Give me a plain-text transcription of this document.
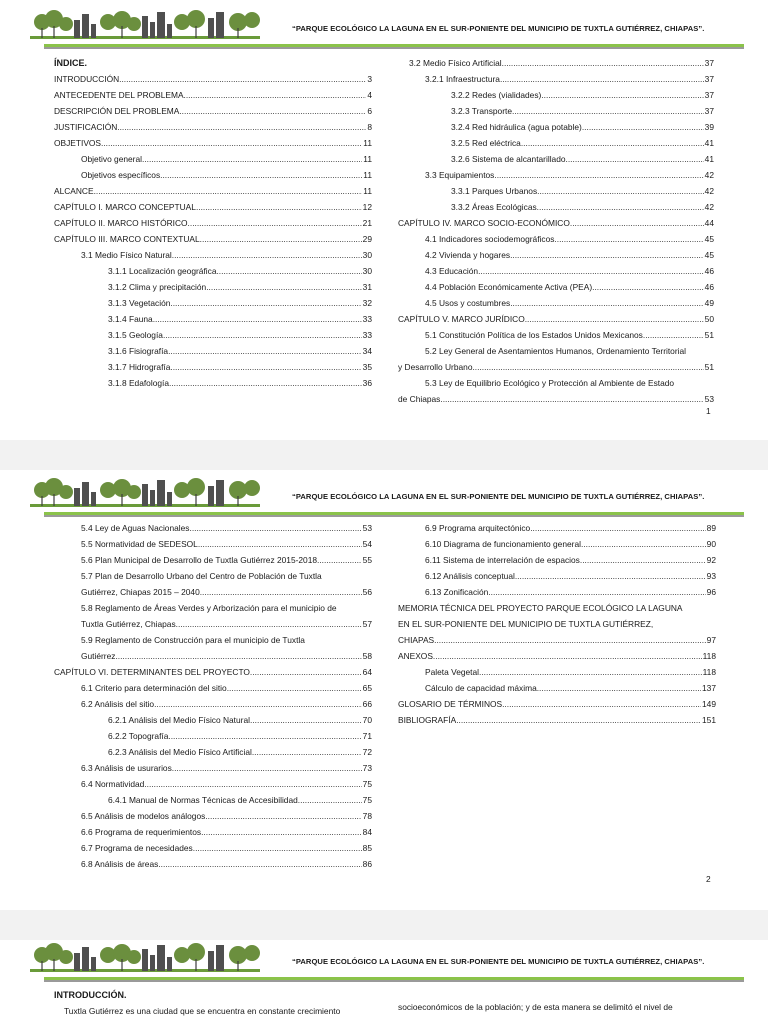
“PARQUE ECOLÓGICO LA LAGUNA EN EL SUR-PONIENTE DEL MUNICIPIO DE TUXTLA GUTIÉRREZ, CHIAPAS”.
ÍNDICE.
INTRODUCCIÓN .....	3
ANTECEDENTE DEL PROBLEMA .....	4
DESCRIPCIÓN DEL PROBLEMA .....	6
JUSTIFICACIÓN .....	8
OBJETIVOS .....	11
Objetivo general .....	11
Objetivos específicos .....	11
ALCANCE .....	11
CAPÍTULO I. MARCO CONCEPTUAL .....	12
CAPÍTULO II. MARCO HISTÓRICO .....	21
CAPÍTULO III. MARCO CONTEXTUAL .....	29
3.1 Medio Físico Natural .....	30
3.1.1 Localización geográfica .....	30
3.1.2 Clima y precipitación .....	31
3.1.3 Vegetación .....	32
3.1.4 Fauna .....	33
3.1.5 Geología .....	33
3.1.6 Fisiografía .....	34
3.1.7 Hidrografía .....	35
3.1.8 Edafología .....	36
3.2 Medio Físico Artificial .....	37
3.2.1 Infraestructura .....	37
3.2.2 Redes (vialidades) .....	37
3.2.3 Transporte .....	37
3.2.4 Red hidráulica (agua potable) .....	39
3.2.5 Red eléctrica .....	41
3.2.6 Sistema de alcantarillado .....	41
3.3 Equipamientos .....	42
3.3.1 Parques Urbanos .....	42
3.3.2 Áreas Ecológicas .....	42
CAPÍTULO IV. MARCO SOCIO-ECONÓMICO .....	44
4.1 Indicadores sociodemográficos .....	45
4.2 Vivienda y hogares .....	45
4.3 Educación .....	46
4.4 Población Económicamente Activa (PEA) .....	46
4.5 Usos y costumbres .....	49
CAPÍTULO V. MARCO JURÍDICO .....	50
5.1 Constitución Política de los Estados Unidos Mexicanos .....	51
5.2 Ley General de Asentamientos Humanos, Ordenamiento Territorial
y Desarrollo Urbano .....	51
5.3 Ley de Equilibrio Ecológico y Protección al Ambiente de Estado
de Chiapas .....	53
1
“PARQUE ECOLÓGICO LA LAGUNA EN EL SUR-PONIENTE DEL MUNICIPIO DE TUXTLA GUTIÉRREZ, CHIAPAS”.
5.4 Ley de Aguas Nacionales .....	53
5.5 Normatividad de SEDESOL .....	54
5.6 Plan Municipal de Desarrollo de Tuxtla Gutiérrez 2015-2018 .....	55
5.7 Plan de Desarrollo Urbano del Centro de Población de Tuxtla
Gutiérrez, Chiapas 2015 – 2040 .....	56
5.8 Reglamento de Áreas Verdes y Arborización para el municipio de
Tuxtla Gutiérrez, Chiapas .....	57
5.9 Reglamento de Construcción para el municipio de Tuxtla
Gutiérrez .....	58
CAPÍTULO VI. DETERMINANTES DEL PROYECTO .....	64
6.1 Criterio para determinación del sitio .....	65
6.2 Análisis del sitio .....	66
6.2.1 Análisis del Medio Físico Natural .....	70
6.2.2 Topografía .....	71
6.2.3 Análisis del Medio Físico Artificial .....	72
6.3 Análisis de usurarios .....	73
6.4 Normatividad .....	75
6.4.1 Manual de Normas Técnicas de Accesibilidad .....	75
6.5 Análisis de modelos análogos .....	78
6.6 Programa de requerimientos .....	84
6.7 Programa de necesidades .....	85
6.8 Análisis de áreas .....	86
6.9 Programa arquitectónico .....	89
6.10 Diagrama de funcionamiento general .....	90
6.11 Sistema de interrelación de espacios .....	92
6.12 Análisis conceptual .....	93
6.13 Zonificación .....	96
MEMORIA TÉCNICA DEL PROYECTO PARQUE ECOLÓGICO LA LAGUNA
EN EL SUR-PONIENTE DEL MUNICIPIO DE TUXTLA GUTIÉRREZ,
CHIAPAS .....	97
ANEXOS .....	118
Paleta Vegetal .....	118
Cálculo de capacidad máxima .....	137
GLOSARIO DE TÉRMINOS .....	149
BIBLIOGRAFÍA .....	151
2
“PARQUE ECOLÓGICO LA LAGUNA EN EL SUR-PONIENTE DEL MUNICIPIO DE TUXTLA GUTIÉRREZ, CHIAPAS”.
INTRODUCCIÓN.
Tuxtla Gutiérrez es una ciudad que se encuentra en constante crecimiento	socioeconómicos de la población; y de esta manera se delimitó el nivel de
